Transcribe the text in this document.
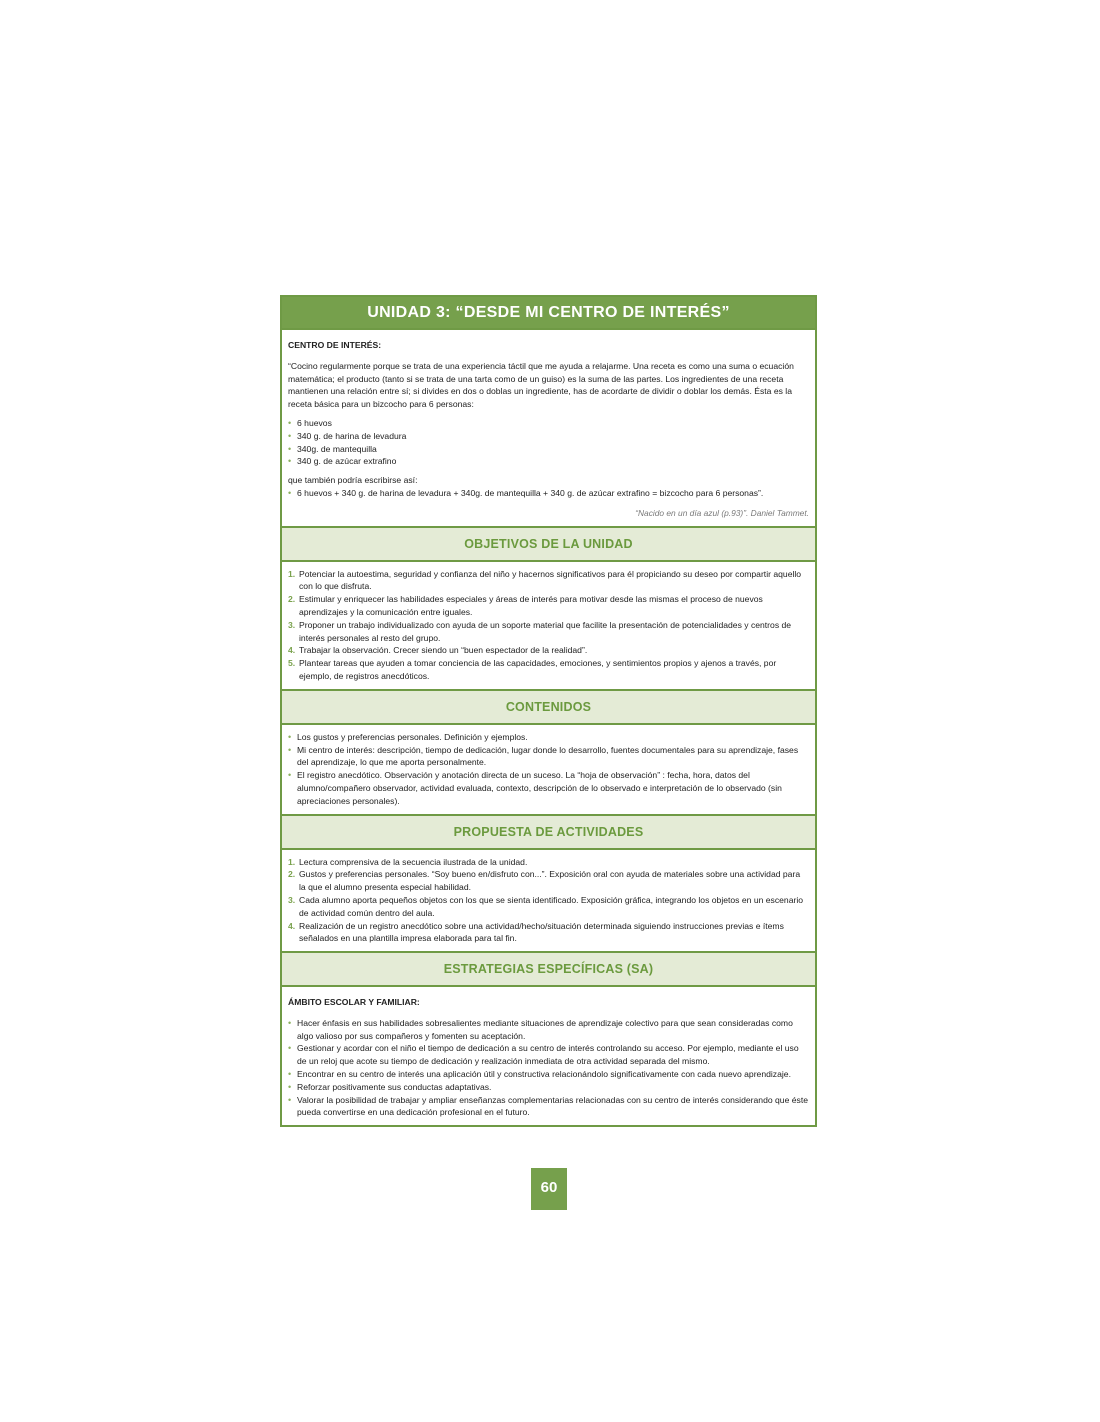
UNIDAD 3: “DESDE MI CENTRO DE INTERÉS”
CENTRO DE INTERÉS:

“Cocino regularmente porque se trata de una experiencia táctil que me ayuda a relajarme. Una receta es como una suma o ecuación matemática; el producto (tanto si se trata de una tarta como de un guiso) es la suma de las partes. Los ingredientes de una receta mantienen una relación entre sí; si divides en dos o doblas un ingrediente, has de acordarte de dividir o doblar los demás. Ésta es la receta básica para un bizcocho para 6 personas:

• 6 huevos
• 340 g. de harina de levadura
• 340g. de mantequilla
• 340 g. de azúcar extrafino
que también podría escribirse así:
• 6 huevos + 340 g. de harina de levadura + 340g. de mantequilla + 340 g. de azúcar extrafino = bizcocho para 6 personas”.
“Nacido en un día azul (p.93)”. Daniel Tammet.
OBJETIVOS DE LA UNIDAD
1. Potenciar la autoestima, seguridad y confianza del niño y hacernos significativos para él propiciando su deseo por compartir aquello con lo que disfruta.
2. Estimular y enriquecer las habilidades especiales y áreas de interés para motivar desde las mismas el proceso de nuevos aprendizajes y la comunicación entre iguales.
3. Proponer un trabajo individualizado con ayuda de un soporte material que facilite la presentación de potencialidades y centros de interés personales al resto del grupo.
4. Trabajar la observación. Crecer siendo un “buen espectador de la realidad”.
5. Plantear tareas que ayuden a tomar conciencia de las capacidades, emociones, y sentimientos propios y ajenos a través, por ejemplo, de registros anecdóticos.
CONTENIDOS
• Los gustos y preferencias personales. Definición y ejemplos.
• Mi centro de interés: descripción, tiempo de dedicación, lugar donde lo desarrollo, fuentes documentales para su aprendizaje, fases del aprendizaje, lo que me aporta personalmente.
• El registro anecdótico. Observación y anotación directa de un suceso. La “hoja de observación” : fecha, hora, datos del alumno/compañero observador, actividad evaluada, contexto, descripción de lo observado e interpretación de lo observado (sin apreciaciones personales).
PROPUESTA DE ACTIVIDADES
1. Lectura comprensiva de la secuencia ilustrada de la unidad.
2. Gustos y preferencias personales. “Soy bueno en/disfruto con...”. Exposición oral con ayuda de materiales sobre una actividad para la que el alumno presenta especial habilidad.
3. Cada alumno aporta pequeños objetos con los que se sienta identificado. Exposición gráfica, integrando los objetos en un escenario de actividad común dentro del aula.
4. Realización de un registro anecdótico sobre una actividad/hecho/situación determinada siguiendo instrucciones previas e ítems señalados en una plantilla impresa elaborada para tal fin.
ESTRATEGIAS ESPECÍFICAS (SA)
ÁMBITO ESCOLAR Y FAMILIAR:
• Hacer énfasis en sus habilidades sobresalientes mediante situaciones de aprendizaje colectivo para que sean consideradas como algo valioso por sus compañeros y fomenten su aceptación.
• Gestionar y acordar con el niño el tiempo de dedicación a su centro de interés controlando su acceso. Por ejemplo, mediante el uso de un reloj que acote su tiempo de dedicación y realización inmediata de otra actividad separada del mismo.
• Encontrar en su centro de interés una aplicación útil y constructiva relacionándolo significativamente con cada nuevo aprendizaje.
• Reforzar positivamente sus conductas adaptativas.
• Valorar la posibilidad de trabajar y ampliar enseñanzas complementarias relacionadas con su centro de interés considerando que éste pueda convertirse en una dedicación profesional en el futuro.
60
